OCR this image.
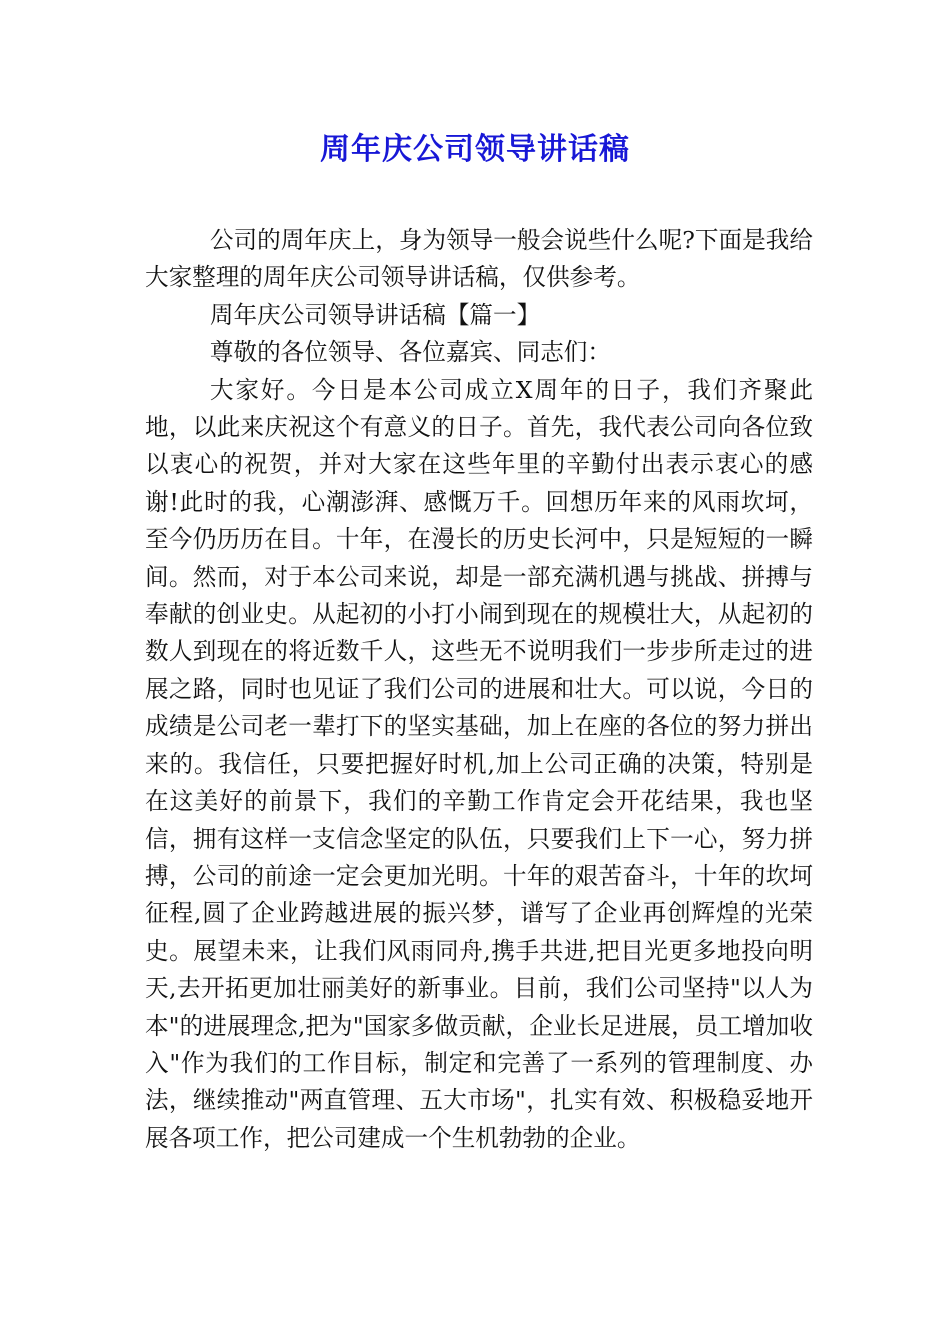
周年庆公司领导讲话稿

公司的周年庆上，身为领导一般会说些什么呢?下面是我给大家整理的周年庆公司领导讲话稿，仅供参考。

周年庆公司领导讲话稿【篇一】

尊敬的各位领导、各位嘉宾、同志们：

大家好。今日是本公司成立X周年的日子，我们齐聚此地，以此来庆祝这个有意义的日子。首先，我代表公司向各位致以衷心的祝贺，并对大家在这些年里的辛勤付出表示衷心的感谢!此时的我，心潮澎湃、感慨万千。回想历年来的风雨坎坷，至今仍历历在目。十年，在漫长的历史长河中，只是短短的一瞬间。然而，对于本公司来说，却是一部充满机遇与挑战、拼搏与奉献的创业史。从起初的小打小闹到现在的规模壮大，从起初的数人到现在的将近数千人，这些无不说明我们一步步所走过的进展之路，同时也见证了我们公司的进展和壮大。可以说，今日的成绩是公司老一辈打下的坚实基础，加上在座的各位的努力拼出来的。我信任，只要把握好时机,加上公司正确的决策，特别是在这美好的前景下，我们的辛勤工作肯定会开花结果，我也坚信，拥有这样一支信念坚定的队伍，只要我们上下一心，努力拼搏，公司的前途一定会更加光明。十年的艰苦奋斗，十年的坎坷征程,圆了企业跨越进展的振兴梦，谱写了企业再创辉煌的光荣史。展望未来，让我们风雨同舟,携手共进,把目光更多地投向明天,去开拓更加壮丽美好的新事业。目前，我们公司坚持"以人为本"的进展理念,把为"国家多做贡献，企业长足进展，员工增加收入"作为我们的工作目标，制定和完善了一系列的管理制度、办法，继续推动"两直管理、五大市场"，扎实有效、积极稳妥地开展各项工作，把公司建成一个生机勃勃的企业。
